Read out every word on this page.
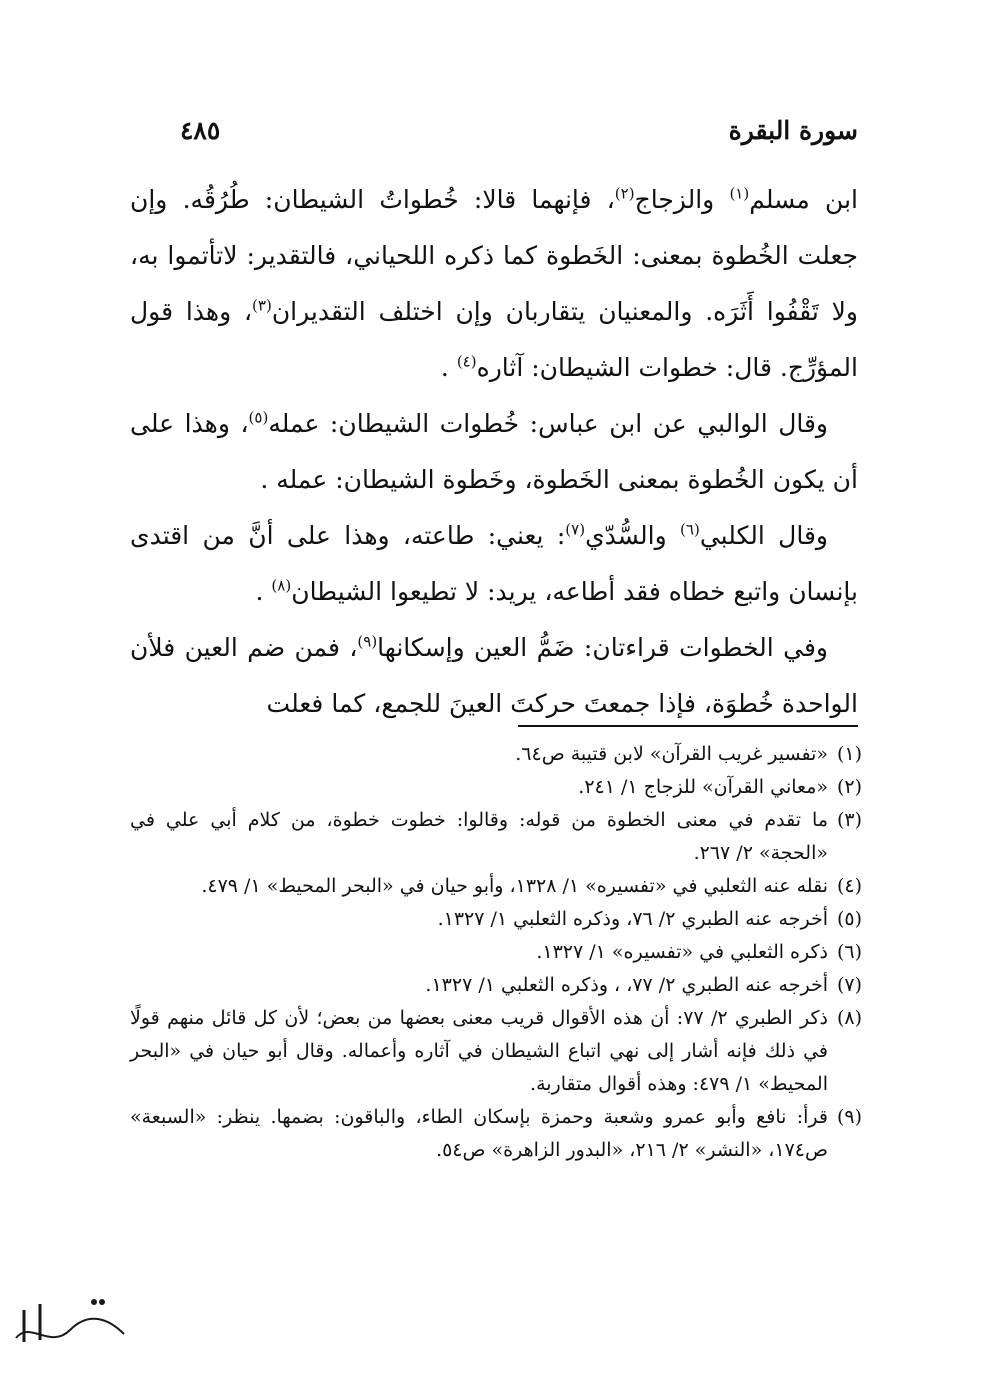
سورة البقرة
٤٨٥

ابن مسلم$^{(١)}$ والزجاج$^{(٢)}$، فإنهما قالا: خُطواتُ الشيطان: طُرُقُه. وإن جعلت الخُطوة بمعنى: الخَطوة كما ذكره اللحياني، فالتقدير: لاتأتموا به، ولا تَقْفُوا أَثَرَه. والمعنيان يتقاربان وإن اختلف التقديران$^{(٣)}$، وهذا قول المؤرِّج. قال: خطوات الشيطان: آثاره$^{(٤)}$ .

وقال الوالبي عن ابن عباس: خُطوات الشيطان: عمله$^{(٥)}$، وهذا على أن يكون الخُطوة بمعنى الخَطوة، وخَطوة الشيطان: عمله .

وقال الكلبي$^{(٦)}$ والسُّدّي$^{(٧)}$: يعني: طاعته، وهذا على أنَّ من اقتدى بإنسان واتبع خطاه فقد أطاعه، يريد: لا تطيعوا الشيطان$^{(٨)}$ .

وفي الخطوات قراءتان: ضَمُّ العين وإسكانها$^{(٩)}$، فمن ضم العين فلأن الواحدة خُطوَة، فإذا جمعتَ حركتَ العينَ للجمع، كما فعلت

(١)
«تفسير غريب القرآن» لابن قتيبة ص٦٤.
(٢)
«معاني القرآن» للزجاج ١/ ٢٤١.
(٣)
ما تقدم في معنى الخطوة من قوله: وقالوا: خطوت خطوة، من كلام أبي علي في «الحجة» ٢/ ٢٦٧.
(٤)
نقله عنه الثعلبي في «تفسيره» ١/ ١٣٢٨، وأبو حيان في «البحر المحيط» ١/ ٤٧٩.
(٥)
أخرجه عنه الطبري ٢/ ٧٦، وذكره الثعلبي ١/ ١٣٢٧.
(٦)
ذكره الثعلبي في «تفسيره» ١/ ١٣٢٧.
(٧)
أخرجه عنه الطبري ٢/ ٧٧، ، وذكره الثعلبي ١/ ١٣٢٧.
(٨)
ذكر الطبري ٢/ ٧٧: أن هذه الأقوال قريب معنى بعضها من بعض؛ لأن كل قائل منهم قولًا في ذلك فإنه أشار إلى نهي اتباع الشيطان في آثاره وأعماله. وقال أبو حيان في «البحر المحيط» ١/ ٤٧٩: وهذه أقوال متقاربة.
(٩)
قرأ: نافع وأبو عمرو وشعبة وحمزة بإسكان الطاء، والباقون: بضمها. ينظر: «السبعة» ص١٧٤، «النشر» ٢/ ٢١٦، «البدور الزاهرة» ص٥٤.
